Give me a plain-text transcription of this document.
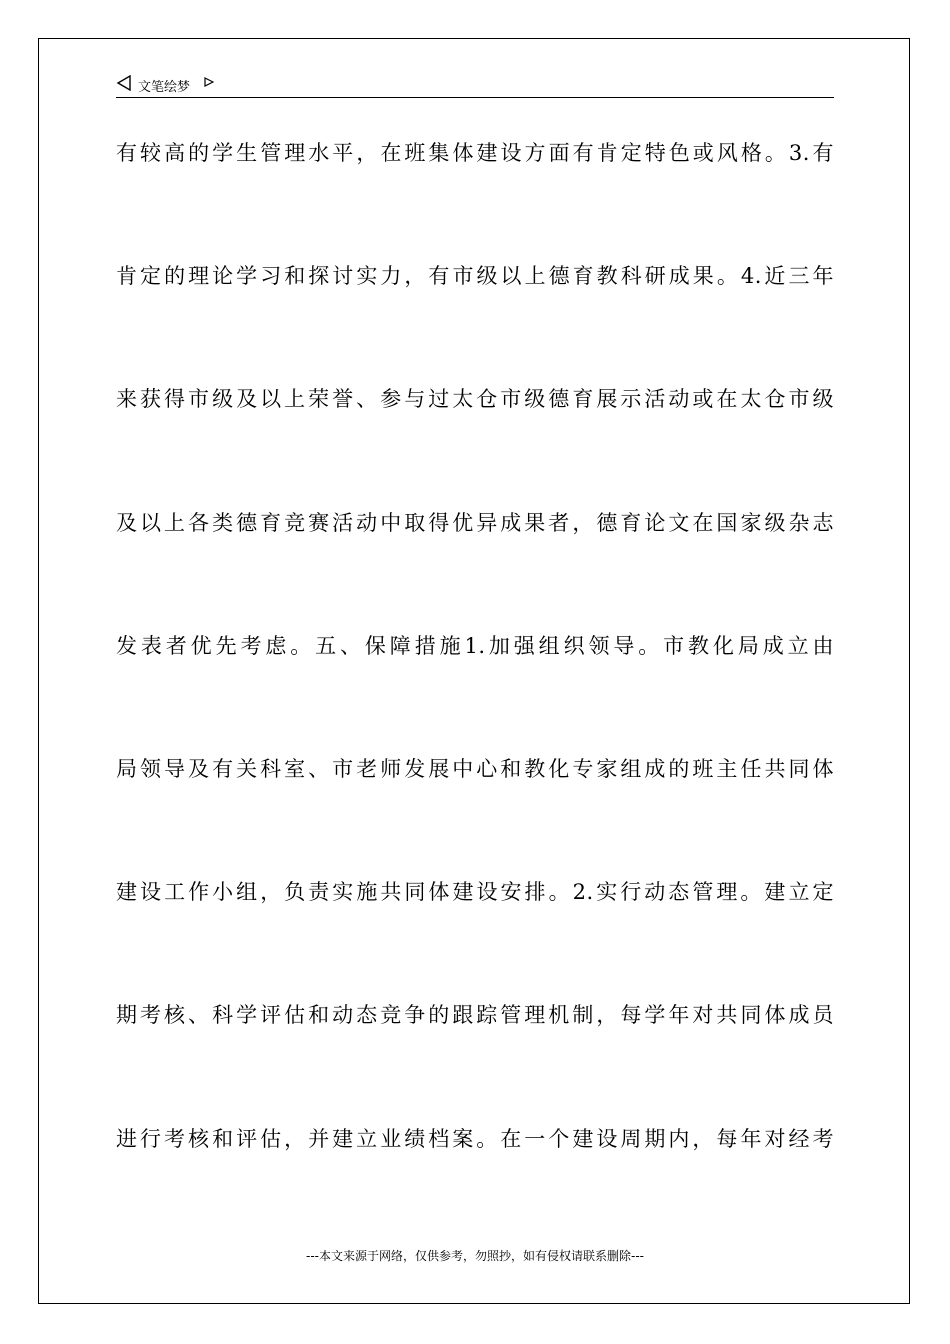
文笔绘梦
有较高的学生管理水平，在班集体建设方面有肯定特色或风格。3.有
肯定的理论学习和探讨实力，有市级以上德育教科研成果。4.近三年
来获得市级及以上荣誉、参与过太仓市级德育展示活动或在太仓市级
及以上各类德育竞赛活动中取得优异成果者，德育论文在国家级杂志
发表者优先考虑。五、保障措施1.加强组织领导。市教化局成立由
局领导及有关科室、市老师发展中心和教化专家组成的班主任共同体
建设工作小组，负责实施共同体建设安排。2.实行动态管理。建立定
期考核、科学评估和动态竞争的跟踪管理机制，每学年对共同体成员
进行考核和评估，并建立业绩档案。在一个建设周期内，每年对经考
---本文来源于网络，仅供参考，勿照抄，如有侵权请联系删除---
